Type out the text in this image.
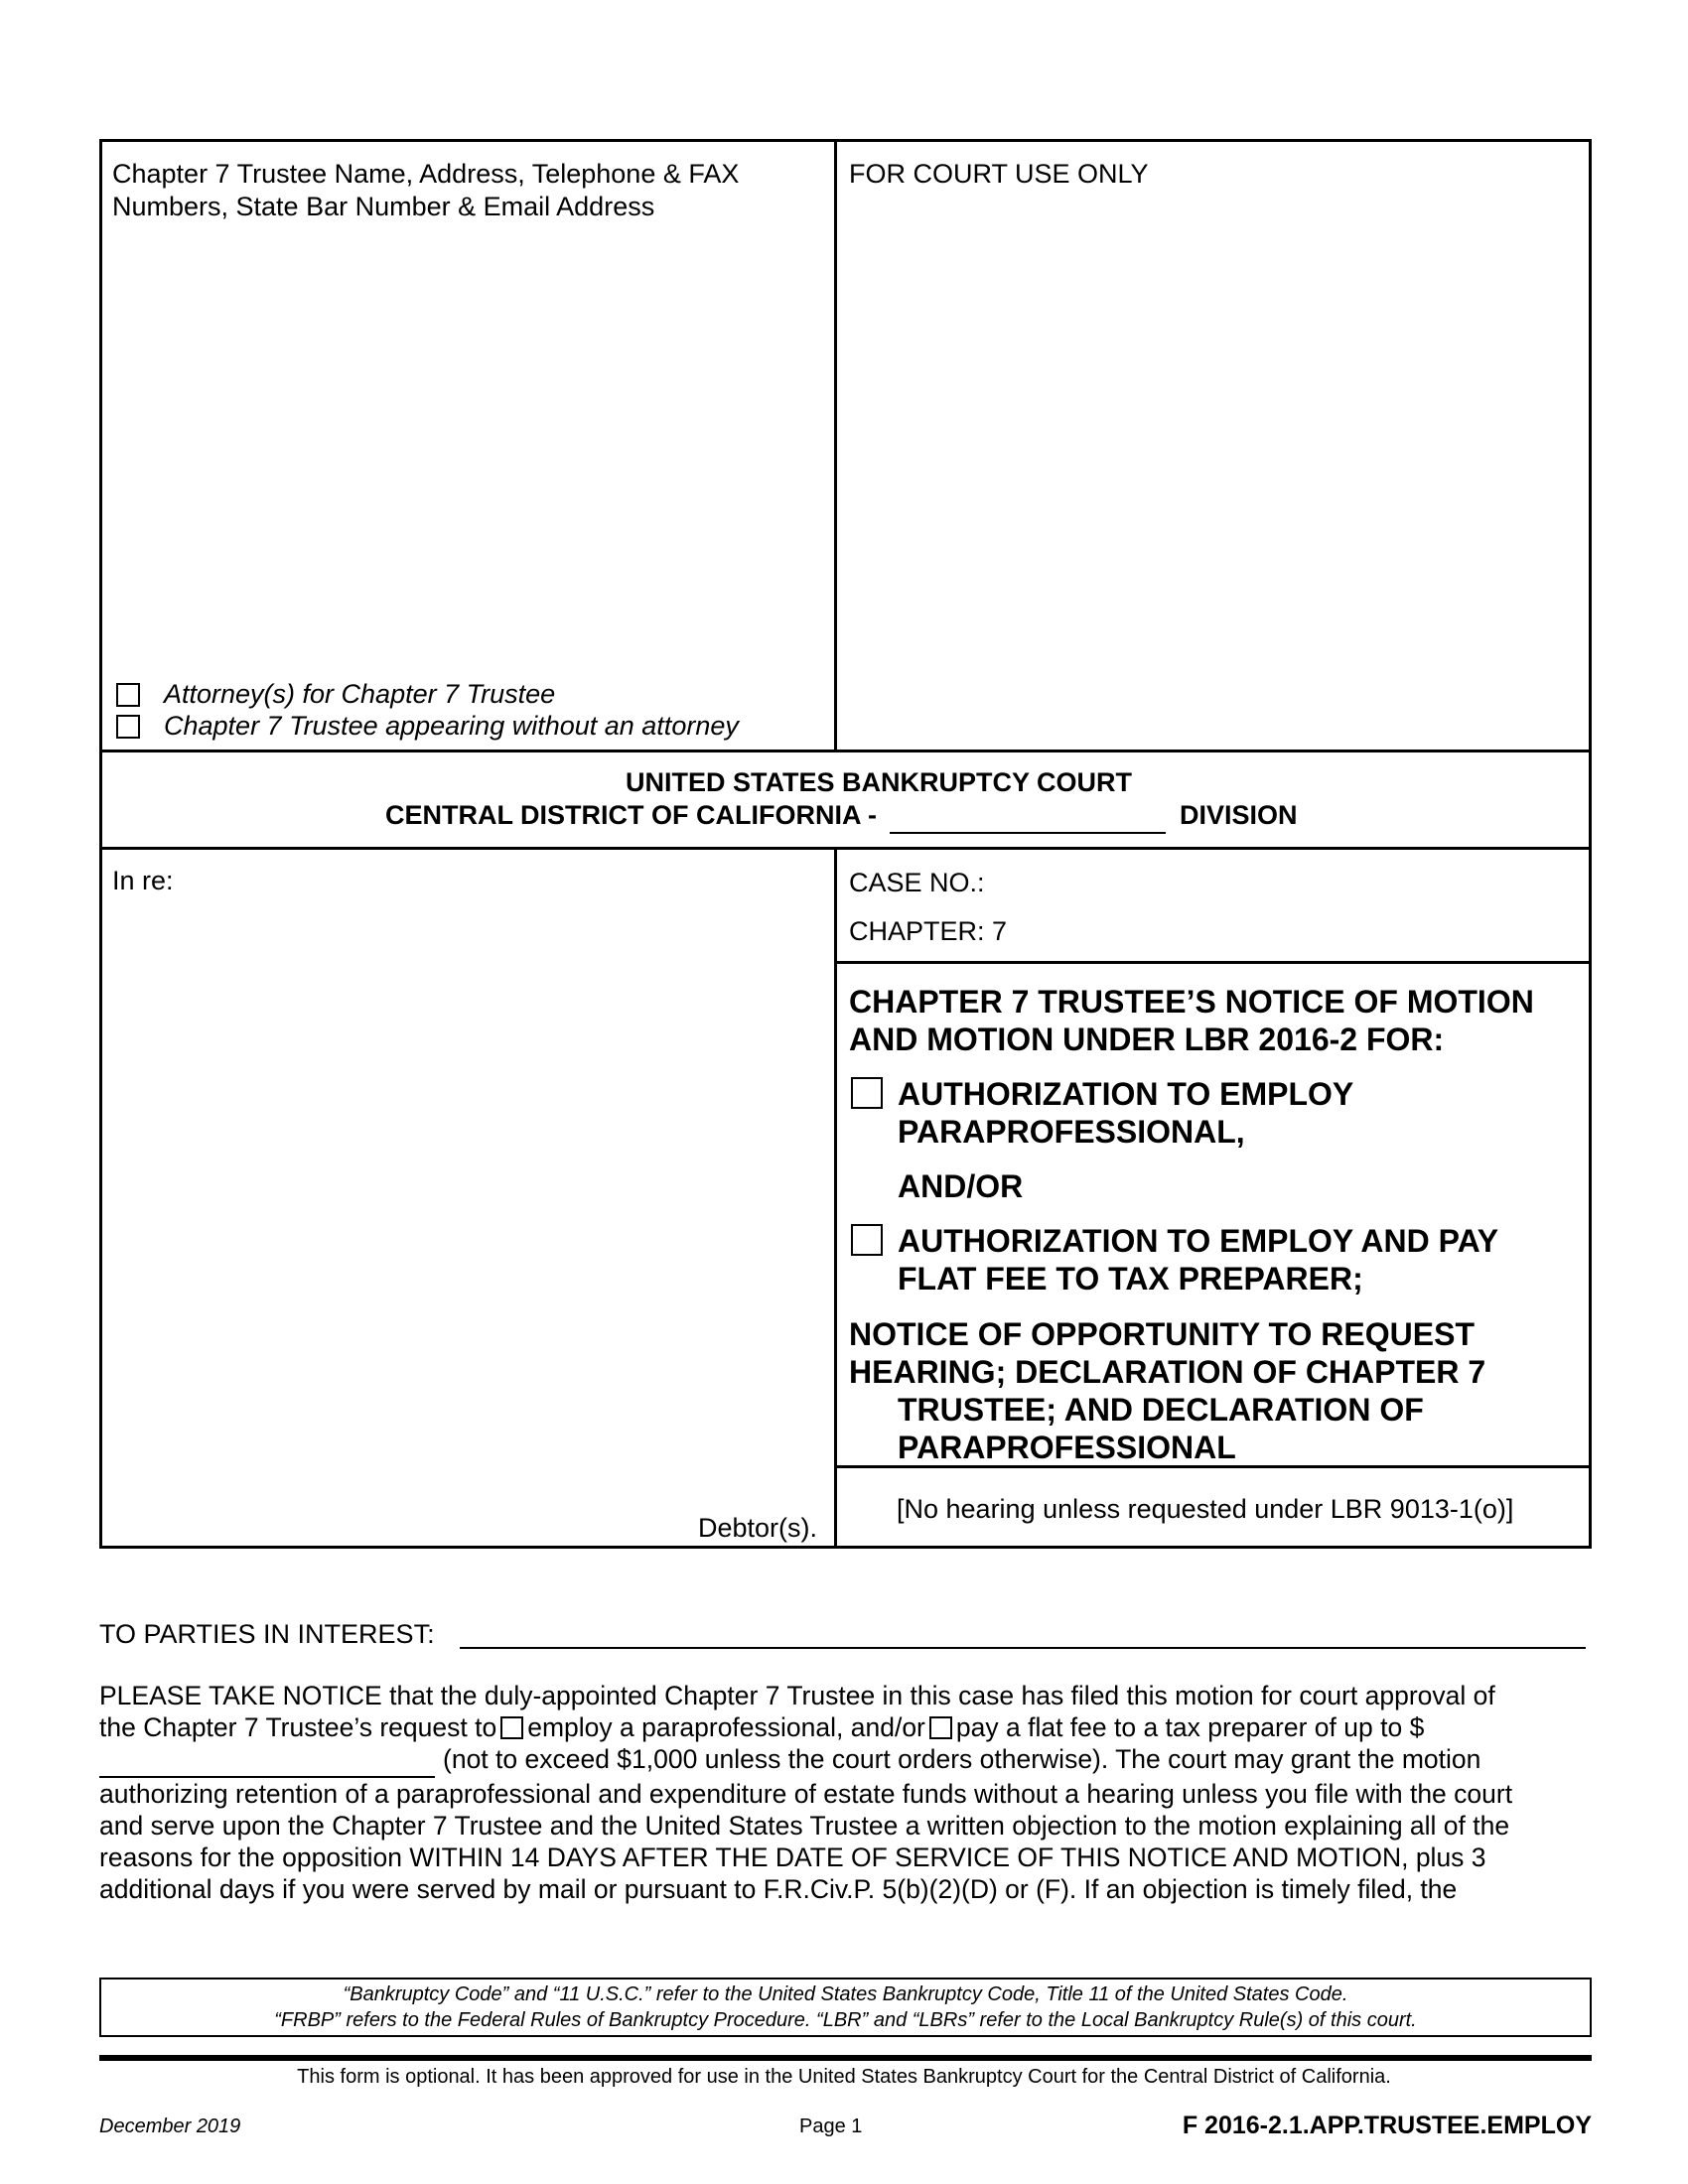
Chapter 7 Trustee Name, Address, Telephone & FAX
Numbers, State Bar Number & Email Address
FOR COURT USE ONLY
Attorney(s) for Chapter 7 Trustee
Chapter 7 Trustee appearing without an attorney
UNITED STATES BANKRUPTCY COURT
CENTRAL DISTRICT OF CALIFORNIA -	DIVISION
In re:
Debtor(s).
CASE NO.:
CHAPTER: 7
CHAPTER 7 TRUSTEE’S NOTICE OF MOTION
AND MOTION UNDER LBR 2016-2 FOR:
AUTHORIZATION TO EMPLOY
PARAPROFESSIONAL,
AND/OR
AUTHORIZATION TO EMPLOY AND PAY
FLAT FEE TO TAX PREPARER;
NOTICE OF OPPORTUNITY TO REQUEST
HEARING; DECLARATION OF CHAPTER 7
TRUSTEE; AND DECLARATION OF
PARAPROFESSIONAL
[No hearing unless requested under LBR 9013-1(o)]
TO PARTIES IN INTEREST:

PLEASE TAKE NOTICE that the duly-appointed Chapter 7 Trustee in this case has filed this motion for court approval of

the Chapter 7 Trustee’s request to employ a paraprofessional, and/or pay a flat fee to a tax preparer of up to $

(not to exceed $1,000 unless the court orders otherwise). The court may grant the motion

authorizing retention of a paraprofessional and expenditure of estate funds without a hearing unless you file with the court

and serve upon the Chapter 7 Trustee and the United States Trustee a written objection to the motion explaining all of the

reasons for the opposition WITHIN 14 DAYS AFTER THE DATE OF SERVICE OF THIS NOTICE AND MOTION, plus 3

additional days if you were served by mail or pursuant to F.R.Civ.P. 5(b)(2)(D) or (F). If an objection is timely filed, the

“Bankruptcy Code” and “11 U.S.C.” refer to the United States Bankruptcy Code, Title 11 of the United States Code.
“FRBP” refers to the Federal Rules of Bankruptcy Procedure. “LBR” and “LBRs” refer to the Local Bankruptcy Rule(s) of this court.
This form is optional. It has been approved for use in the United States Bankruptcy Court for the Central District of California.
December 2019	Page 1	F 2016-2.1.APP.TRUSTEE.EMPLOY
